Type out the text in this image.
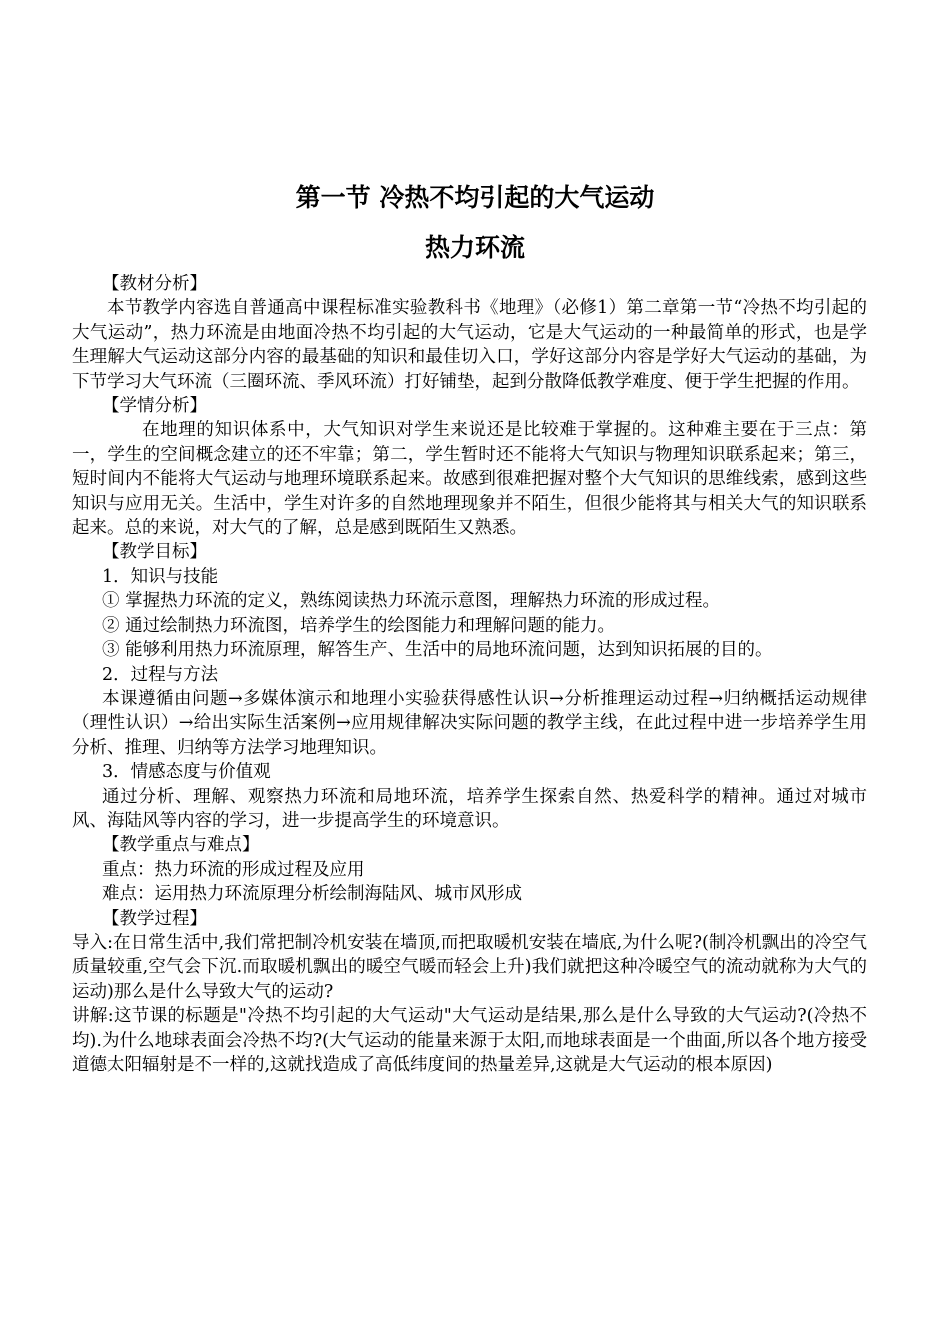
第一节 冷热不均引起的大气运动
热力环流

【教材分析】

本节教学内容选自普通高中课程标准实验教科书《地理》（必修1）第二章第一节“冷热不均引起的大气运动”，热力环流是由地面冷热不均引起的大气运动，它是大气运动的一种最简单的形式，也是学生理解大气运动这部分内容的最基础的知识和最佳切入口，学好这部分内容是学好大气运动的基础，为下节学习大气环流（三圈环流、季风环流）打好铺垫，起到分散降低教学难度、便于学生把握的作用。

【学情分析】

在地理的知识体系中，大气知识对学生来说还是比较难于掌握的。这种难主要在于三点：第一，学生的空间概念建立的还不牢靠；第二，学生暂时还不能将大气知识与物理知识联系起来；第三，短时间内不能将大气运动与地理环境联系起来。故感到很难把握对整个大气知识的思维线索，感到这些知识与应用无关。生活中，学生对许多的自然地理现象并不陌生，但很少能将其与相关大气的知识联系起来。总的来说，对大气的了解，总是感到既陌生又熟悉。

【教学目标】

1．知识与技能

① 掌握热力环流的定义，熟练阅读热力环流示意图，理解热力环流的形成过程。

② 通过绘制热力环流图，培养学生的绘图能力和理解问题的能力。

③ 能够利用热力环流原理，解答生产、生活中的局地环流问题，达到知识拓展的目的。

2．过程与方法

本课遵循由问题→多媒体演示和地理小实验获得感性认识→分析推理运动过程→归纳概括运动规律（理性认识）→给出实际生活案例→应用规律解决实际问题的教学主线，在此过程中进一步培养学生用分析、推理、归纳等方法学习地理知识。

3．情感态度与价值观

通过分析、理解、观察热力环流和局地环流，培养学生探索自然、热爱科学的精神。通过对城市风、海陆风等内容的学习，进一步提高学生的环境意识。

【教学重点与难点】

重点：热力环流的形成过程及应用

难点：运用热力环流原理分析绘制海陆风、城市风形成

【教学过程】

导入:在日常生活中,我们常把制冷机安装在墙顶,而把取暖机安装在墙底,为什么呢?(制冷机飘出的冷空气质量较重,空气会下沉.而取暖机飘出的暖空气暖而轻会上升)我们就把这种冷暖空气的流动就称为大气的运动)那么是什么导致大气的运动?

讲解:这节课的标题是"冷热不均引起的大气运动"大气运动是结果,那么是什么导致的大气运动?(冷热不均).为什么地球表面会冷热不均?(大气运动的能量来源于太阳,而地球表面是一个曲面,所以各个地方接受道德太阳辐射是不一样的,这就找造成了高低纬度间的热量差异,这就是大气运动的根本原因)
